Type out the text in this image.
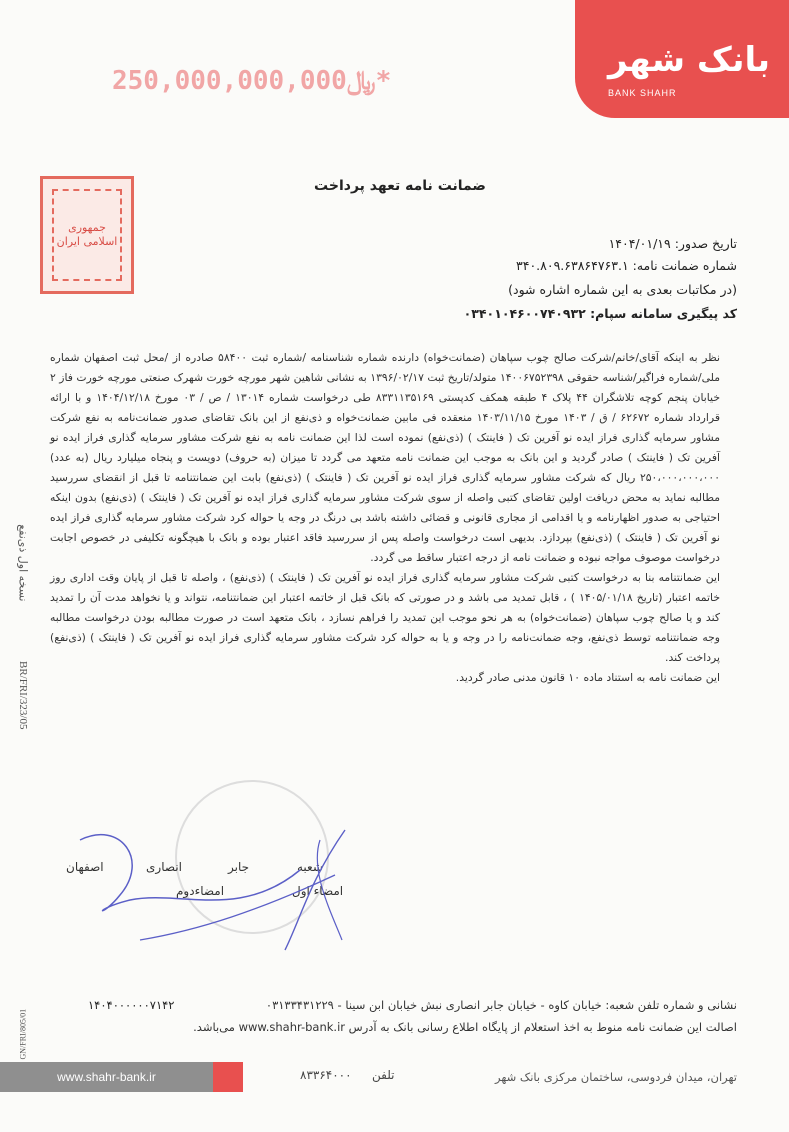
بانک شهر
BANK SHAHR
﷼250,000,000,000 *
جمهوری اسلامی ایران
ضمانت نامه تعهد پرداخت
تاریخ صدور: ۱۴۰۴/۰۱/۱۹
شماره ضمانت نامه: ۳۴۰.۸۰۹.۶۳۸۶۴۷۶۳.۱
(در مکاتبات بعدی به این شماره اشاره شود)
کد پیگیری سامانه سپام: ۰۳۴۰۱۰۴۶۰۰۷۴۰۹۳۲

نظر به اینکه آقای/خانم/شرکت صالح چوب سپاهان (ضمانت‌خواه) دارنده شماره شناسنامه /شماره ثبت ۵۸۴۰۰ صادره از /محل ثبت اصفهان شماره ملی/شماره فراگیر/شناسه حقوقی ۱۴۰۰۶۷۵۲۳۹۸ متولد/تاریخ ثبت ۱۳۹۶/۰۲/۱۷ به نشانی شاهین شهر مورچه خورت شهرک صنعتی مورچه خورت فاز ۲ خیابان پنجم کوچه تلاشگران ۴۴ پلاک ۴ طبقه همکف کدپستی ۸۳۳۱۱۳۵۱۶۹ طی درخواست شماره ۱۳۰۱۴ / ص / ۰۳ مورخ ۱۴۰۴/۱۲/۱۸ و با ارائه قرارداد شماره ۶۲۶۷۲ / ق / ۱۴۰۳ مورخ ۱۴۰۳/۱۱/۱۵ منعقده فی مابین ضمانت‌خواه و ذی‌نفع از این بانک تقاضای صدور ضمانت‌نامه به نفع شرکت مشاور سرمایه گذاری فراز ایده نو آفرین تک ( فاینتک ) (ذی‌نفع) نموده است لذا این ضمانت نامه به نفع شرکت مشاور سرمایه گذاری فراز ایده نو آفرین تک ( فاینتک ) صادر گردید و این بانک به موجب این ضمانت نامه متعهد می گردد تا میزان (به حروف) دویست و پنجاه میلیارد ریال (به عدد) ۲۵۰،۰۰۰،۰۰۰،۰۰۰ ریال که شرکت مشاور سرمایه گذاری فراز ایده نو آفرین تک ( فاینتک ) (ذی‌نفع) بابت این ضمانتنامه تا قبل از انقضای سررسید مطالبه نماید به محض دریافت اولین تقاضای کتبی واصله از سوی شرکت مشاور سرمایه گذاری فراز ایده نو آفرین تک ( فاینتک ) (ذی‌نفع) بدون اینکه احتیاجی به صدور اظهارنامه و یا اقدامی از مجاری قانونی و قضائی داشته باشد بی درنگ در وجه یا حواله کرد شرکت مشاور سرمایه گذاری فراز ایده نو آفرین تک ( فاینتک ) (ذی‌نفع) بپردازد. بدیهی است درخواست واصله پس از سررسید فاقد اعتبار بوده و بانک با هیچگونه تکلیفی در خصوص اجابت درخواست موصوف مواجه نبوده و ضمانت نامه از درجه اعتبار ساقط می گردد.

این ضمانتنامه بنا به درخواست کتبی شرکت مشاور سرمایه گذاری فراز ایده نو آفرین تک ( فاینتک ) (ذی‌نفع) ، واصله تا قبل از پایان وقت اداری روز خاتمه اعتبار (تاریخ ۱۴۰۵/۰۱/۱۸ ) ، قابل تمدید می باشد و در صورتی که بانک قبل از خاتمه اعتبار این ضمانتنامه، نتواند و یا نخواهد مدت آن را تمدید کند و یا صالح چوب سپاهان (ضمانت‌خواه) به هر نحو موجب این تمدید را فراهم نسازد ، بانک متعهد است در صورت مطالبه بودن درخواست مطالبه وجه ضمانتنامه توسط ذی‌نفع، وجه ضمانت‌نامه را در وجه و یا به حواله کرد شرکت مشاور سرمایه گذاری فراز ایده نو آفرین تک ( فاینتک ) (ذی‌نفع) پرداخت کند.

این ضمانت نامه به استناد ماده ۱۰ قانون مدنی صادر گردید.

نسخه اول ذی‌نفع
BR/FRI/323/05
GN/FRI/805/01
شعبه
جابر
انصاری
اصفهان
امضاء اول
امضاءدوم
نشانی و شماره تلفن شعبه: خیابان کاوه - خیابان جابر انصاری نبش خیابان ابن سینا - ۰۳۱۳۳۴۳۱۲۲۹
۱۴۰۴۰۰۰۰۰۰۷۱۴۲
اصالت این ضمانت نامه منوط به اخذ استعلام از پایگاه اطلاع رسانی بانک به آدرس www.shahr-bank.ir می‌باشد.
www.shahr-bank.ir	۸۳۳۶۴۰۰۰ تلفن	تهران، میدان فردوسی، ساختمان مرکزی بانک شهر
